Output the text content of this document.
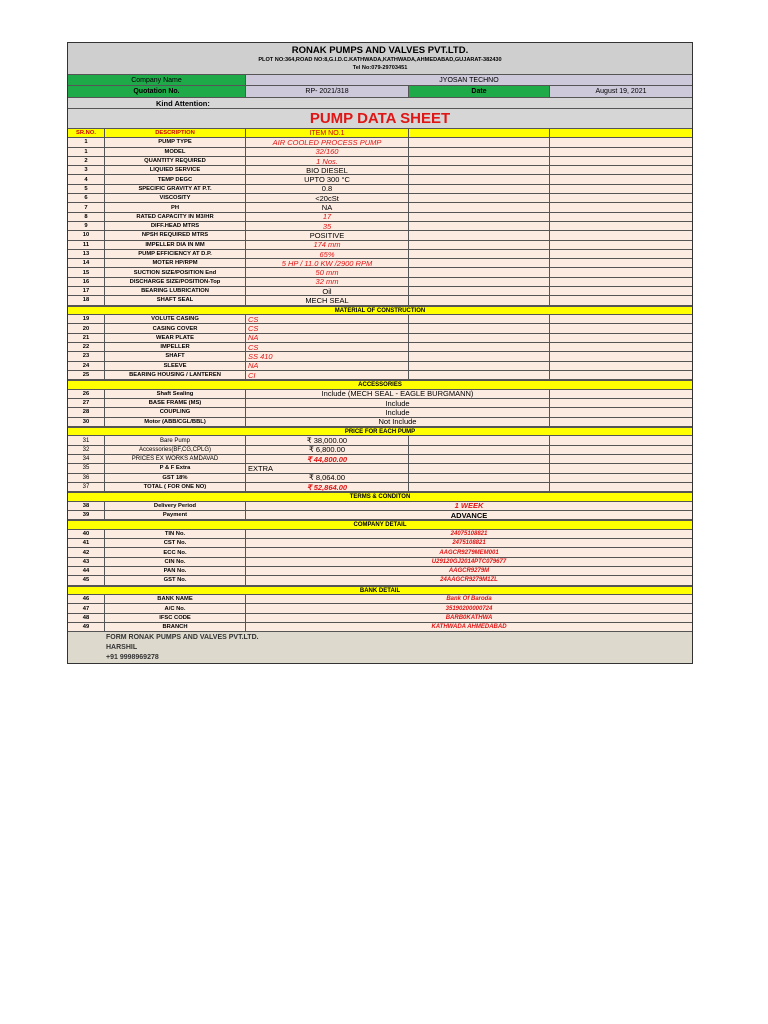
RONAK PUMPS AND VALVES PVT.LTD.
PLOT NO:364,ROAD NO:8,G.I.D.C.KATHWADA,KATHWADA,AHMEDABAD,GUJARAT-382430
Tel No:079-29703451
Company Name	JYOSAN TECHNO
Quotation No.	RP- 2021/318	Date	August 19, 2021
Kind Attention:
PUMP DATA SHEET
SR.NO.	DESCRIPTION	ITEM NO.1
1	PUMP TYPE	AIR COOLED PROCESS PUMP
1	MODEL	32/160
2	QUANTITY REQUIRED	1 Nos.
3	LIQUIED SERVICE	BIO DIESEL
4	TEMP DEGC	UPTO 300 °C
5	SPECIFIC GRAVITY AT P.T.	0.8
6	VISCOSITY	<20cSt
7	PH	NA
8	RATED CAPACITY IN M3/HR	17
9	DIFF.HEAD MTRS	35
10	NPSH REQUIRED MTRS	POSITIVE
11	IMPELLER DIA IN MM	174 mm
13	PUMP EFFICIENCY AT D.P.	65%
14	MOTER HP/RPM	5 HP / 11.0 KW /2900 RPM
15	SUCTION SIZE/POSITION End	50 mm
16	DISCHARGE SIZE/POSITION-Top	32 mm
17	BEARING LUBRICATION	Oil
18	SHAFT SEAL	MECH SEAL
MATERIAL OF CONSTRUCTION
19	VOLUTE CASING	CS
20	CASING COVER	CS
21	WEAR PLATE	NA
22	IMPELLER	CS
23	SHAFT	SS 410
24	SLEEVE	NA
25	BEARING HOUSING / LANTEREN	CI
ACCESSORIES
26	Shaft Sealing	Include (MECH SEAL - EAGLE BURGMANN)
27	BASE FRAME (MS)	Include
28	COUPLING	Include
30	Motor (ABB/CGL/BBL)	Not Include
PRICE FOR EACH PUMP
31	Bare Pump	₹ 38,000.00
32	Accessories(BF,CG,CPLG)	₹ 6,800.00
34	PRICES EX WORKS AMDAVAD	₹ 44,800.00
35	P & F Extra	EXTRA
36	GST 18%	₹ 8,064.00
37	TOTAL ( FOR ONE NO)	₹ 52,864.00
TERMS & CONDITON
38	Delivery Period	1 WEEK
39	Payment	ADVANCE
COMPANY DETAIL
40	TIN No.	24075108821
41	CST No.	2475108821
42	ECC No.	AAGCR9279MEM001
43	CIN No.	U29120GJ2014PTC079677
44	PAN No.	AAGCR9279M
45	GST No.	24AAGCR9279M1ZL
BANK DETAIL
46	BANK NAME	Bank Of Baroda
47	A/C No.	35190200000724
48	IFSC CODE	BARB0KATHWA
49	BRANCH	KATHWADA AHMEDABAD
FORM RONAK PUMPS AND VALVES PVT.LTD.
HARSHIL
+91 9998969278
